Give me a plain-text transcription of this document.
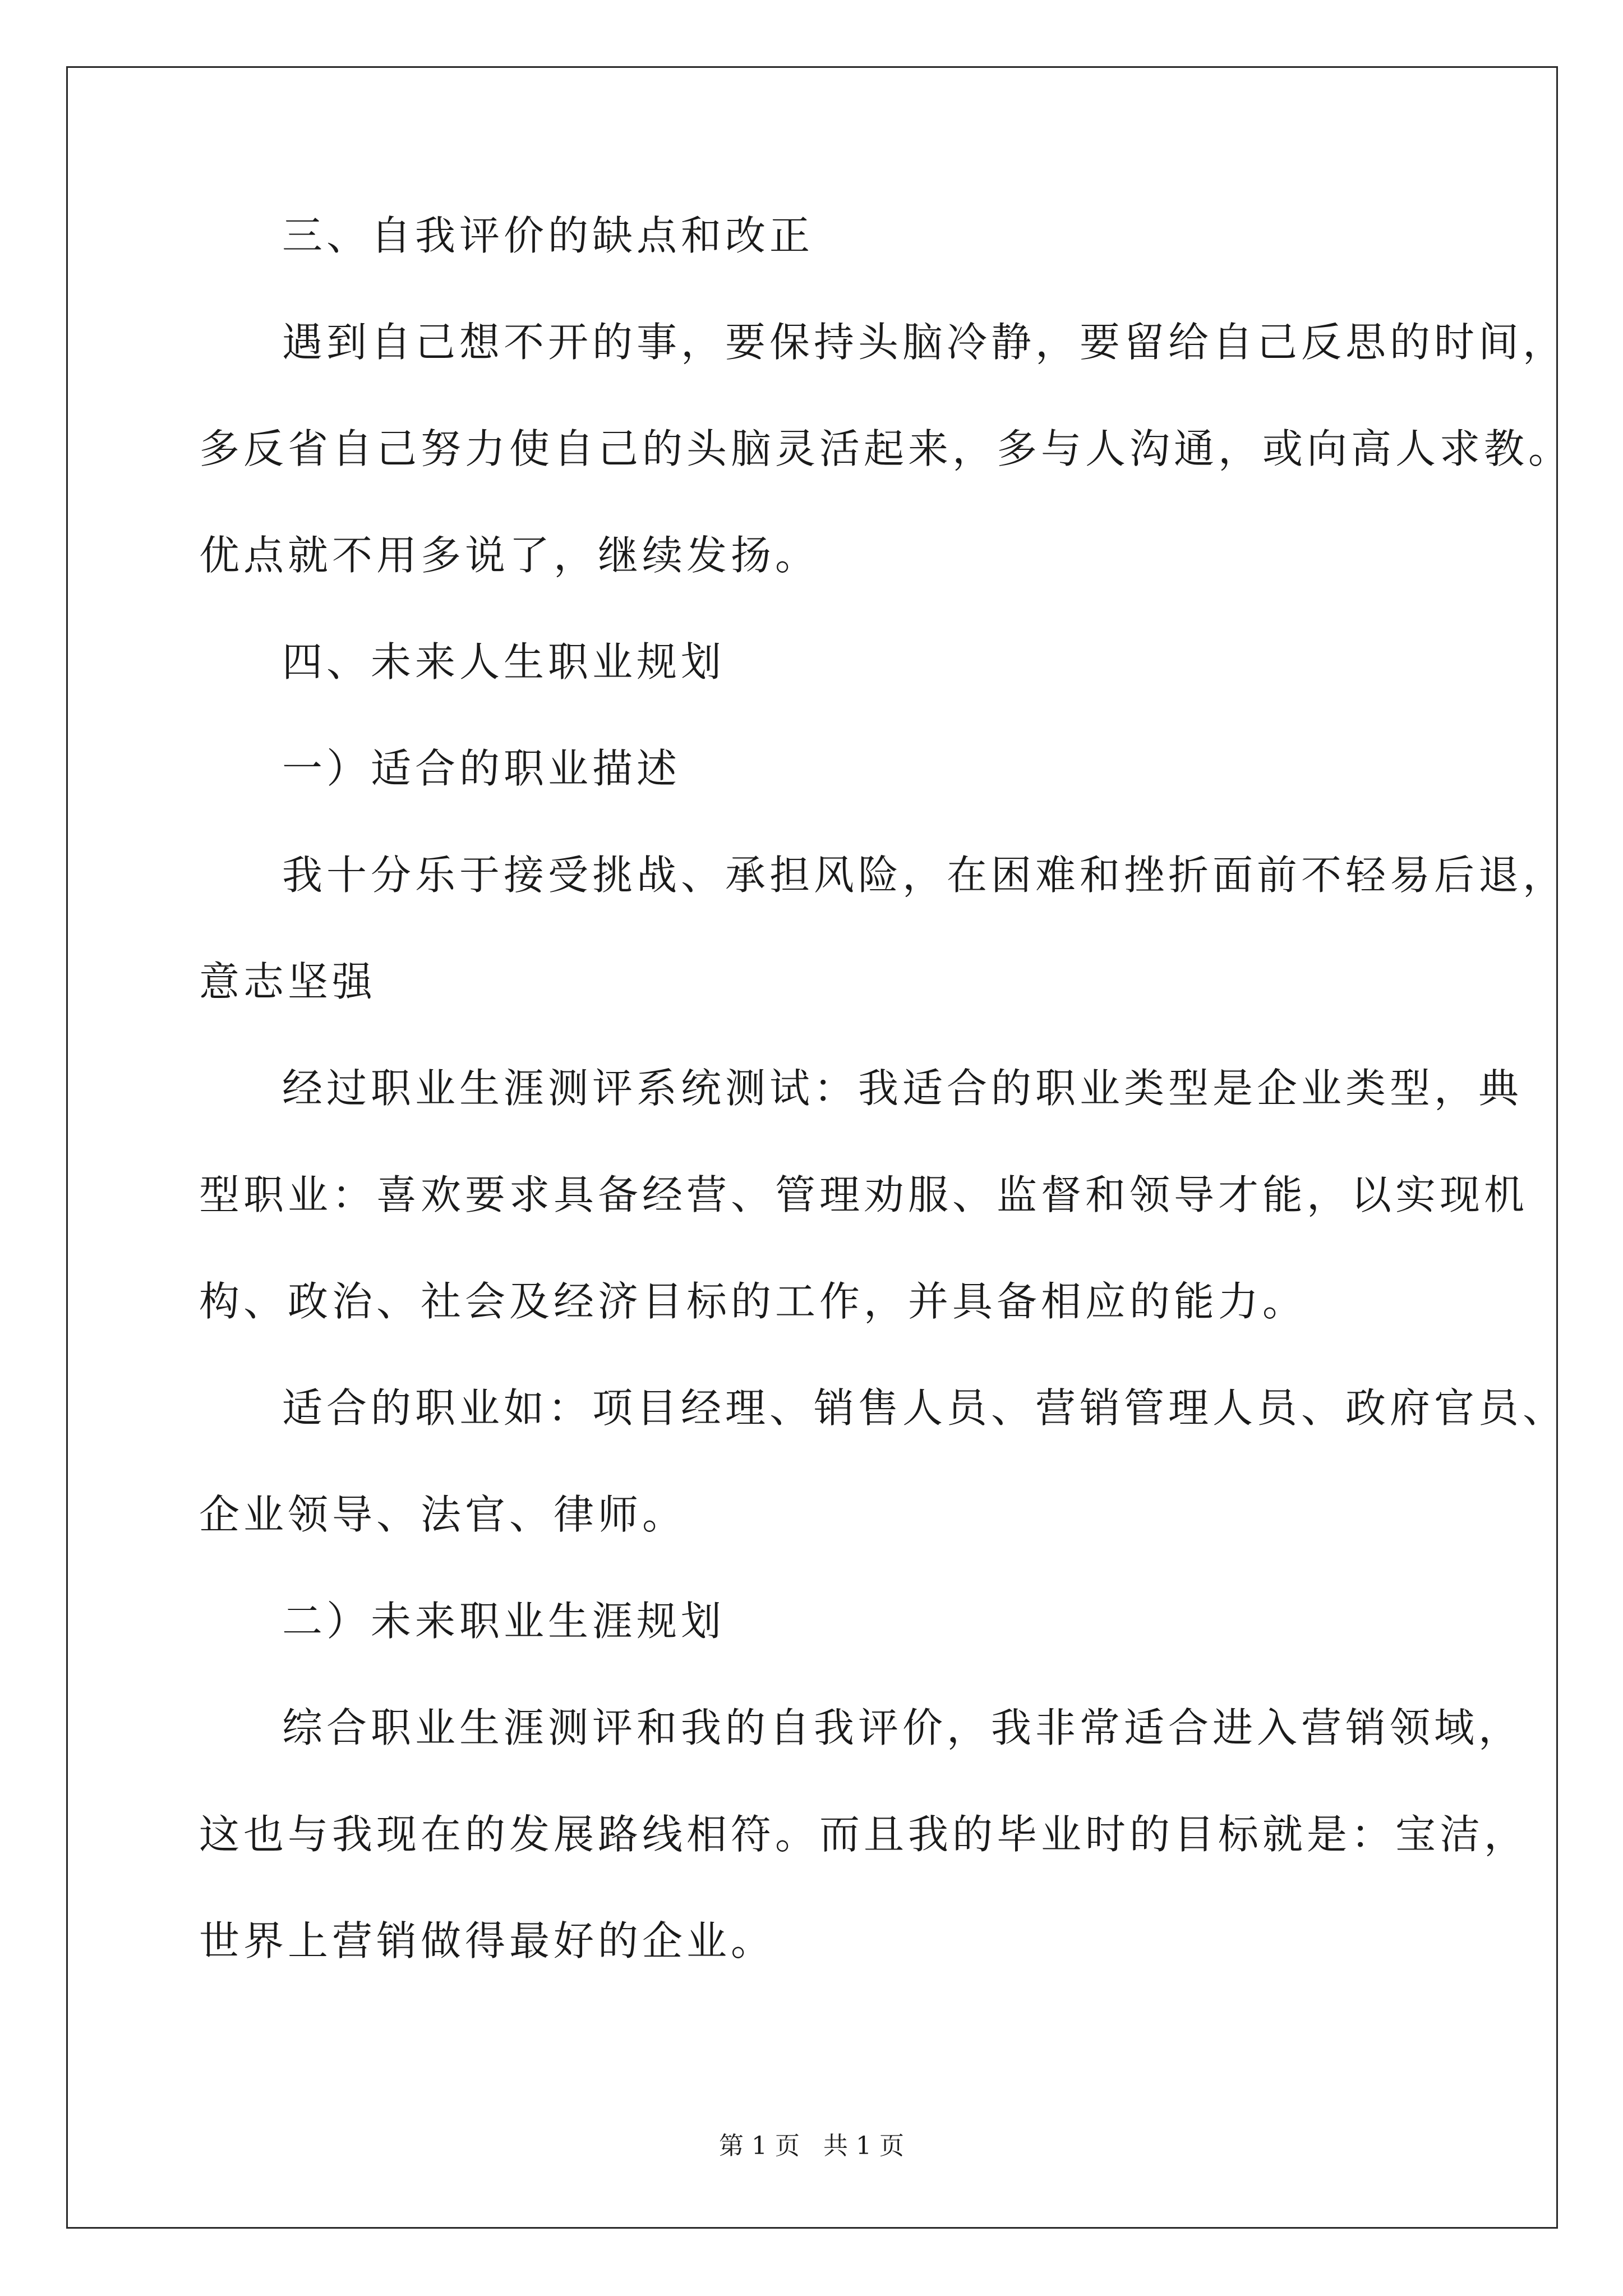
三、自我评价的缺点和改正
遇到自己想不开的事，要保持头脑冷静，要留给自己反思的时间，
多反省自己努力使自己的头脑灵活起来，多与人沟通，或向高人求教。
优点就不用多说了，继续发扬。
四、未来人生职业规划
一）适合的职业描述
我十分乐于接受挑战、承担风险，在困难和挫折面前不轻易后退，
意志坚强
经过职业生涯测评系统测试：我适合的职业类型是企业类型，典
型职业：喜欢要求具备经营、管理劝服、监督和领导才能，以实现机
构、政治、社会及经济目标的工作，并具备相应的能力。
适合的职业如：项目经理、销售人员、营销管理人员、政府官员、
企业领导、法官、律师。
二）未来职业生涯规划
综合职业生涯测评和我的自我评价，我非常适合进入营销领域，
这也与我现在的发展路线相符。而且我的毕业时的目标就是：宝洁，
世界上营销做得最好的企业。
第 1 页   共 1 页
